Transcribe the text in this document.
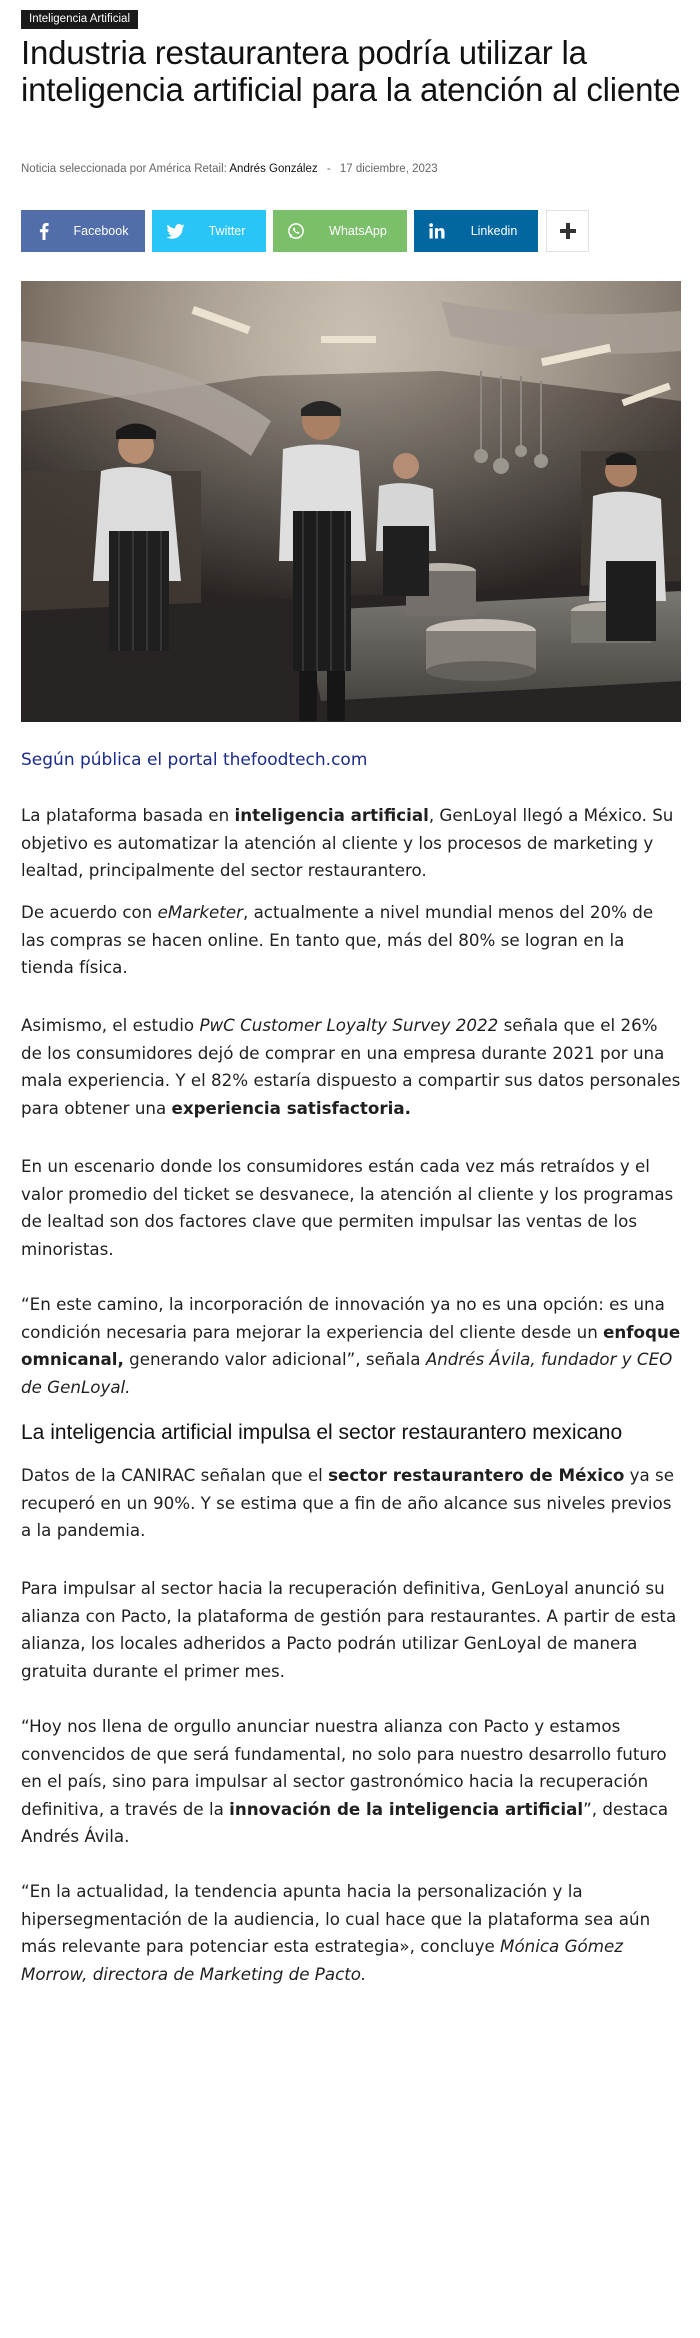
Inteligencia Artificial
Industria restaurantera podría utilizar la inteligencia artificial para la atención al cliente
Noticia seleccionada por América Retail: Andrés González - 17 diciembre, 2023
Facebook	Twitter	WhatsApp	Linkedin
Según pública el portal thefoodtech.com

La plataforma basada en inteligencia artificial, GenLoyal llegó a México. Su objetivo es automatizar la atención al cliente y los procesos de marketing y lealtad, principalmente del sector restaurantero.

De acuerdo con eMarketer, actualmente a nivel mundial menos del 20% de las compras se hacen online. En tanto que, más del 80% se logran en la tienda física.

Asimismo, el estudio PwC Customer Loyalty Survey 2022 señala que el 26% de los consumidores dejó de comprar en una empresa durante 2021 por una mala experiencia. Y el 82% estaría dispuesto a compartir sus datos personales para obtener una experiencia satisfactoria.

En un escenario donde los consumidores están cada vez más retraídos y el valor promedio del ticket se desvanece, la atención al cliente y los programas de lealtad son dos factores clave que permiten impulsar las ventas de los minoristas.

“En este camino, la incorporación de innovación ya no es una opción: es una condición necesaria para mejorar la experiencia del cliente desde un enfoque omnicanal, generando valor adicional”, señala Andrés Ávila, fundador y CEO de GenLoyal.

La inteligencia artificial impulsa el sector restaurantero mexicano

Datos de la CANIRAC señalan que el sector restaurantero de México ya se recuperó en un 90%. Y se estima que a fin de año alcance sus niveles previos a la pandemia.

Para impulsar al sector hacia la recuperación definitiva, GenLoyal anunció su alianza con Pacto, la plataforma de gestión para restaurantes. A partir de esta alianza, los locales adheridos a Pacto podrán utilizar GenLoyal de manera gratuita durante el primer mes.

“Hoy nos llena de orgullo anunciar nuestra alianza con Pacto y estamos convencidos de que será fundamental, no solo para nuestro desarrollo futuro en el país, sino para impulsar al sector gastronómico hacia la recuperación definitiva, a través de la innovación de la inteligencia artificial”, destaca Andrés Ávila.

“En la actualidad, la tendencia apunta hacia la personalización y la hipersegmentación de la audiencia, lo cual hace que la plataforma sea aún más relevante para potenciar esta estrategia», concluye Mónica Gómez Morrow, directora de Marketing de Pacto.
